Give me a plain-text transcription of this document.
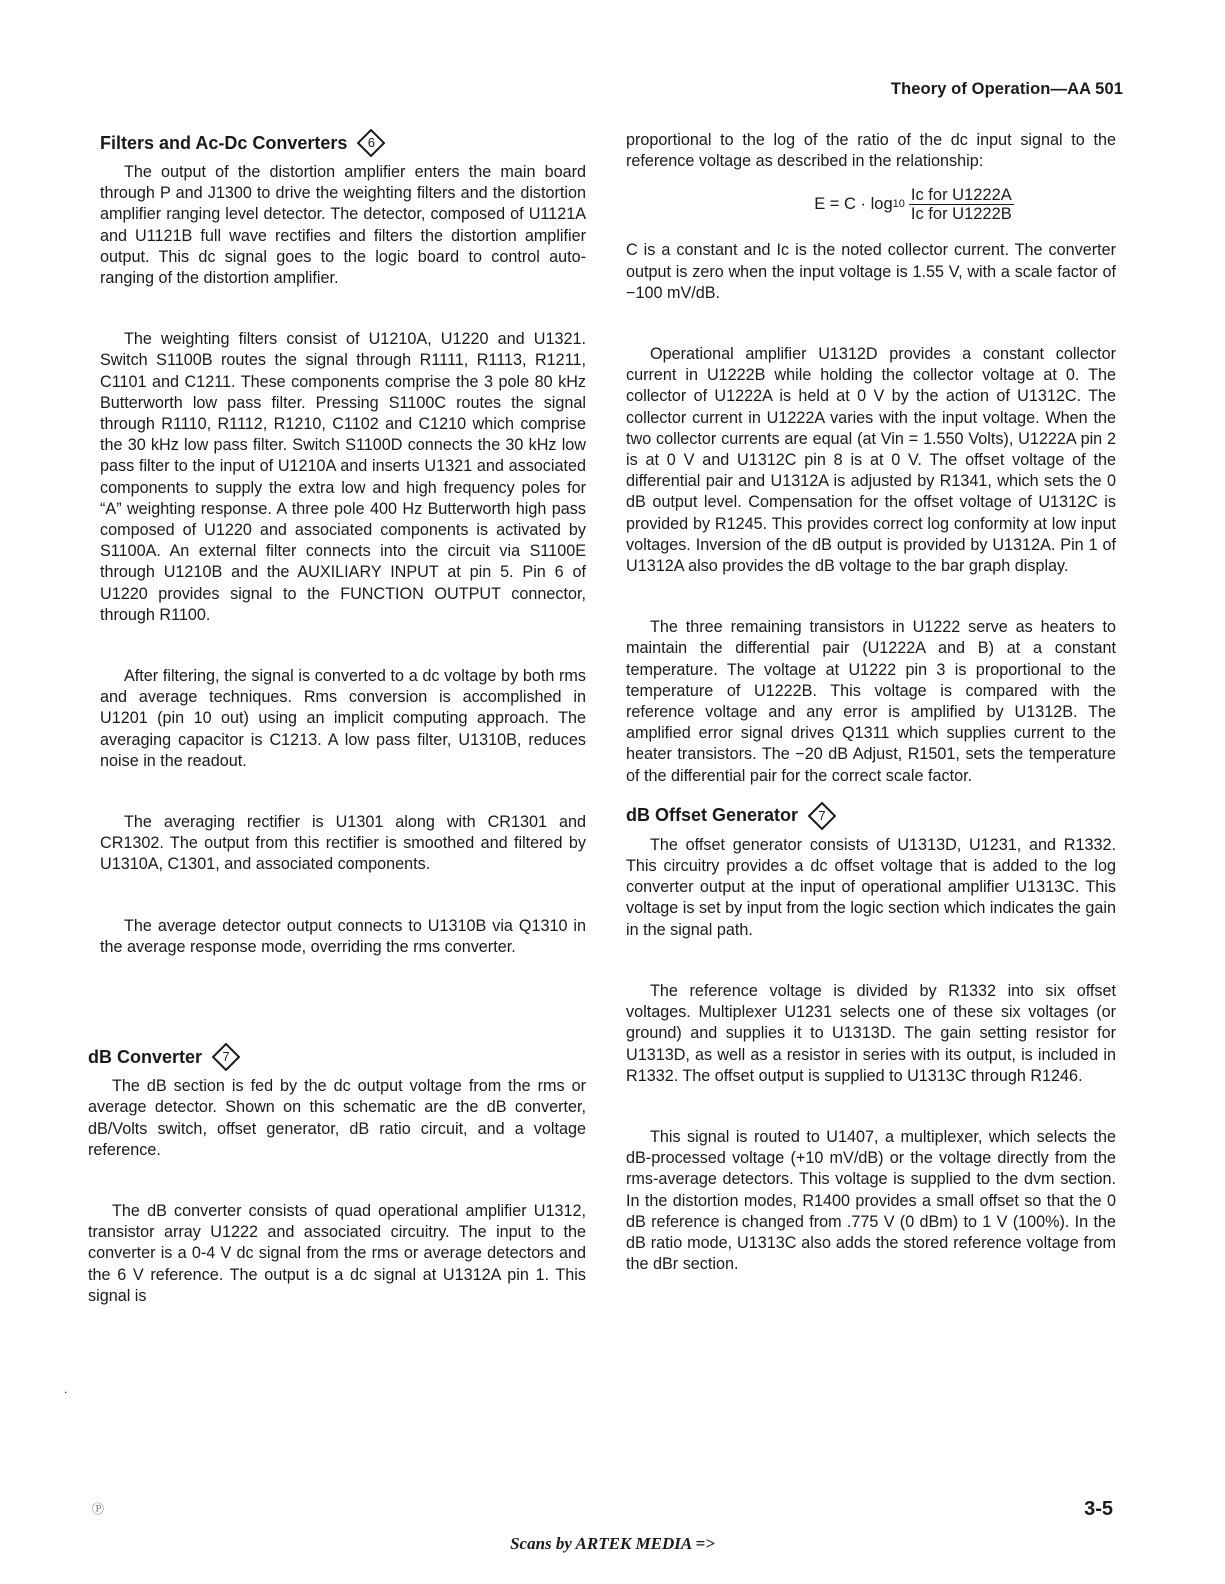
Theory of Operation—AA 501
Filters and Ac-Dc Converters	6

The output of the distortion amplifier enters the main board through P and J1300 to drive the weighting filters and the distortion amplifier ranging level detector. The detector, composed of U1121A and U1121B full wave rectifies and filters the distortion amplifier output. This dc signal goes to the logic board to control auto-ranging of the distortion amplifier.

The weighting filters consist of U1210A, U1220 and U1321. Switch S1100B routes the signal through R1111, R1113, R1211, C1101 and C1211. These components comprise the 3 pole 80 kHz Butterworth low pass filter. Pressing S1100C routes the signal through R1110, R1112, R1210, C1102 and C1210 which comprise the 30 kHz low pass filter. Switch S1100D connects the 30 kHz low pass filter to the input of U1210A and inserts U1321 and associated components to supply the extra low and high frequency poles for “A” weighting response. A three pole 400 Hz Butterworth high pass composed of U1220 and associated components is activated by S1100A. An external filter connects into the circuit via S1100E through U1210B and the AUXILIARY INPUT at pin 5. Pin 6 of U1220 provides signal to the FUNCTION OUTPUT connector, through R1100.

After filtering, the signal is converted to a dc voltage by both rms and average techniques. Rms conversion is accomplished in U1201 (pin 10 out) using an implicit computing approach. The averaging capacitor is C1213. A low pass filter, U1310B, reduces noise in the readout.

The averaging rectifier is U1301 along with CR1301 and CR1302. The output from this rectifier is smoothed and filtered by U1310A, C1301, and associated components.

The average detector output connects to U1310B via Q1310 in the average response mode, overriding the rms converter.

dB Converter	7

The dB section is fed by the dc output voltage from the rms or average detector. Shown on this schematic are the dB converter, dB/Volts switch, offset generator, dB ratio circuit, and a voltage reference.

The dB converter consists of quad operational amplifier U1312, transistor array U1222 and associated circuitry. The input to the converter is a 0-4 V dc signal from the rms or average detectors and the 6 V reference. The output is a dc signal at U1312A pin 1. This signal is

proportional to the log of the ratio of the dc input signal to the reference voltage as described in the relationship:

$E = C \cdot \log 10 \frac{\text{Ic for U1222A}}{\text{Ic for U1222B}}$

C is a constant and Ic is the noted collector current. The converter output is zero when the input voltage is 1.55 V, with a scale factor of −100 mV/dB.

Operational amplifier U1312D provides a constant collector current in U1222B while holding the collector voltage at 0. The collector of U1222A is held at 0 V by the action of U1312C. The collector current in U1222A varies with the input voltage. When the two collector currents are equal (at Vin = 1.550 Volts), U1222A pin 2 is at 0 V and U1312C pin 8 is at 0 V. The offset voltage of the differential pair and U1312A is adjusted by R1341, which sets the 0 dB output level. Compensation for the offset voltage of U1312C is provided by R1245. This provides correct log conformity at low input voltages. Inversion of the dB output is provided by U1312A. Pin 1 of U1312A also provides the dB voltage to the bar graph display.

The three remaining transistors in U1222 serve as heaters to maintain the differential pair (U1222A and B) at a constant temperature. The voltage at U1222 pin 3 is proportional to the temperature of U1222B. This voltage is compared with the reference voltage and any error is amplified by U1312B. The amplified error signal drives Q1311 which supplies current to the heater transistors. The −20 dB Adjust, R1501, sets the temperature of the differential pair for the correct scale factor.

dB Offset Generator	7

The offset generator consists of U1313D, U1231, and R1332. This circuitry provides a dc offset voltage that is added to the log converter output at the input of operational amplifier U1313C. This voltage is set by input from the logic section which indicates the gain in the signal path.

The reference voltage is divided by R1332 into six offset voltages. Multiplexer U1231 selects one of these six voltages (or ground) and supplies it to U1313D. The gain setting resistor for U1313D, as well as a resistor in series with its output, is included in R1332. The offset output is supplied to U1313C through R1246.

This signal is routed to U1407, a multiplexer, which selects the dB-processed voltage (+10 mV/dB) or the voltage directly from the rms-average detectors. This voltage is supplied to the dvm section. In the distortion modes, R1400 provides a small offset so that the 0 dB reference is changed from .775 V (0 dBm) to 1 V (100%). In the dB ratio mode, U1313C also adds the stored reference voltage from the dBr section.

.
Ⓟ	3-5
Scans by ARTEK MEDIA =>
